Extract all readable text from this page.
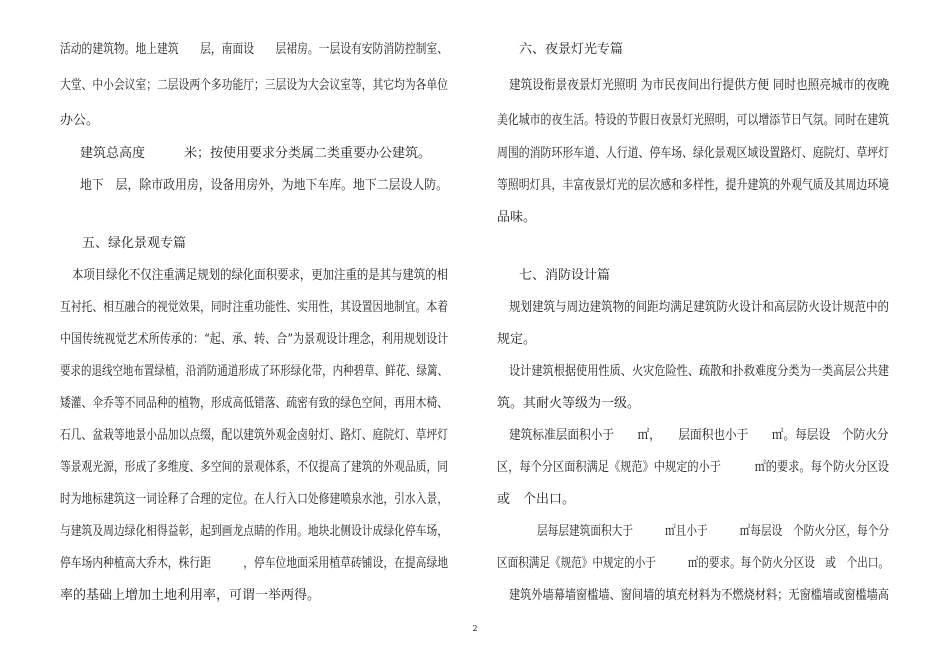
活动的建筑物。地上建筑　　层，南面设　　层裙房。一层设有安防消防控制室、
大堂、中小会议室；二层设两个多功能厅；三层设为大会议室等，其它均为各单位
办公。
建筑总高度　　　米；按使用要求分类属二类重要办公建筑。
地下　层，除市政用房，设备用房外，为地下车库。地下二层设人防。
五、绿化景观专篇
本项目绿化不仅注重满足规划的绿化面积要求，更加注重的是其与建筑的相
互衬托、相互融合的视觉效果，同时注重功能性、实用性，其设置因地制宜。本着
中国传统视觉艺术所传承的：“起、承、转、合”为景观设计理念，利用规划设计
要求的退线空地布置绿植，沿消防通道形成了环形绿化带，内种碧草、鲜花、绿篱、
矮灌、伞乔等不同品种的植物，形成高低错落、疏密有致的绿色空间，再用木椅、
石几、盆栽等地景小品加以点缀，配以建筑外观金卤射灯、路灯、庭院灯、草坪灯
等景观光源，形成了多维度、多空间的景观体系，不仅提高了建筑的外观品质，同
时为地标建筑这一词诠释了合理的定位。在人行入口处修建喷泉水池，引水入景，
与建筑及周边绿化相得益彰，起到画龙点睛的作用。地块北侧设计成绿化停车场，
停车场内种植高大乔木，株行距　　　，停车位地面采用植草砖铺设，在提高绿地
率的基础上增加土地利用率，可谓一举两得。
六、夜景灯光专篇
建筑设衔景夜景灯光照明 为市民夜间出行提供方便 同时也照亮城市的夜晚
美化城市的夜生活。特设的节假日夜景灯光照明，可以增添节日气氛。同时在建筑
周围的消防环形车道、人行道、停车场、绿化景观区域设置路灯、庭院灯、草坪灯
等照明灯具，丰富夜景灯光的层次感和多样性，提升建筑的外观气质及其周边环境
品味。
七、消防设计篇
规划建筑与周边建筑物的间距均满足建筑防火设计和高层防火设计规范中的
规定。
设计建筑根据使用性质、火灾危险性、疏散和扑救难度分类为一类高层公共建
筑。其耐火等级为一级。
建筑标准层面积小于　　㎡，　　层面积也小于　　㎡。每层设　个防火分
区，每个分区面积满足《规范》中规定的小于　　　㎡的要求。每个防火分区设
或　个出口。
层每层建筑面积大于　　　㎡且小于　　　㎡每层设　个防火分区，每个分
区面积满足《规范》中规定的小于　　　㎡的要求。每个防火分区设　或　个出口。
建筑外墙幕墙窗槛墙、窗间墙的填充材料为不燃烧材料；无窗槛墙或窗槛墙高
2
